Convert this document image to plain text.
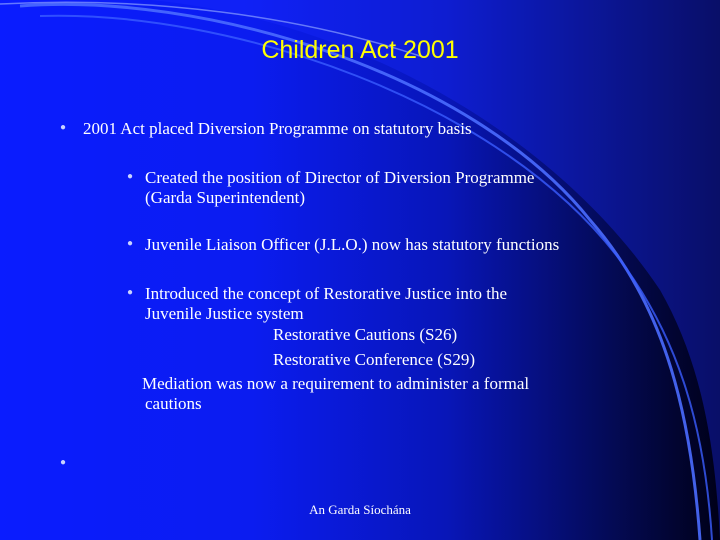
Children Act 2001
● 2001 Act placed Diversion Programme on statutory basis
● Created the position of Director of Diversion Programme
(Garda Superintendent)
● Juvenile Liaison Officer (J.L.O.) now has statutory functions
● Introduced the concept of Restorative Justice into the
Juvenile Justice system
Restorative Cautions (S26)
Restorative Conference (S29)
Mediation was now a requirement to administer a formal
cautions
●
An Garda Síochána
